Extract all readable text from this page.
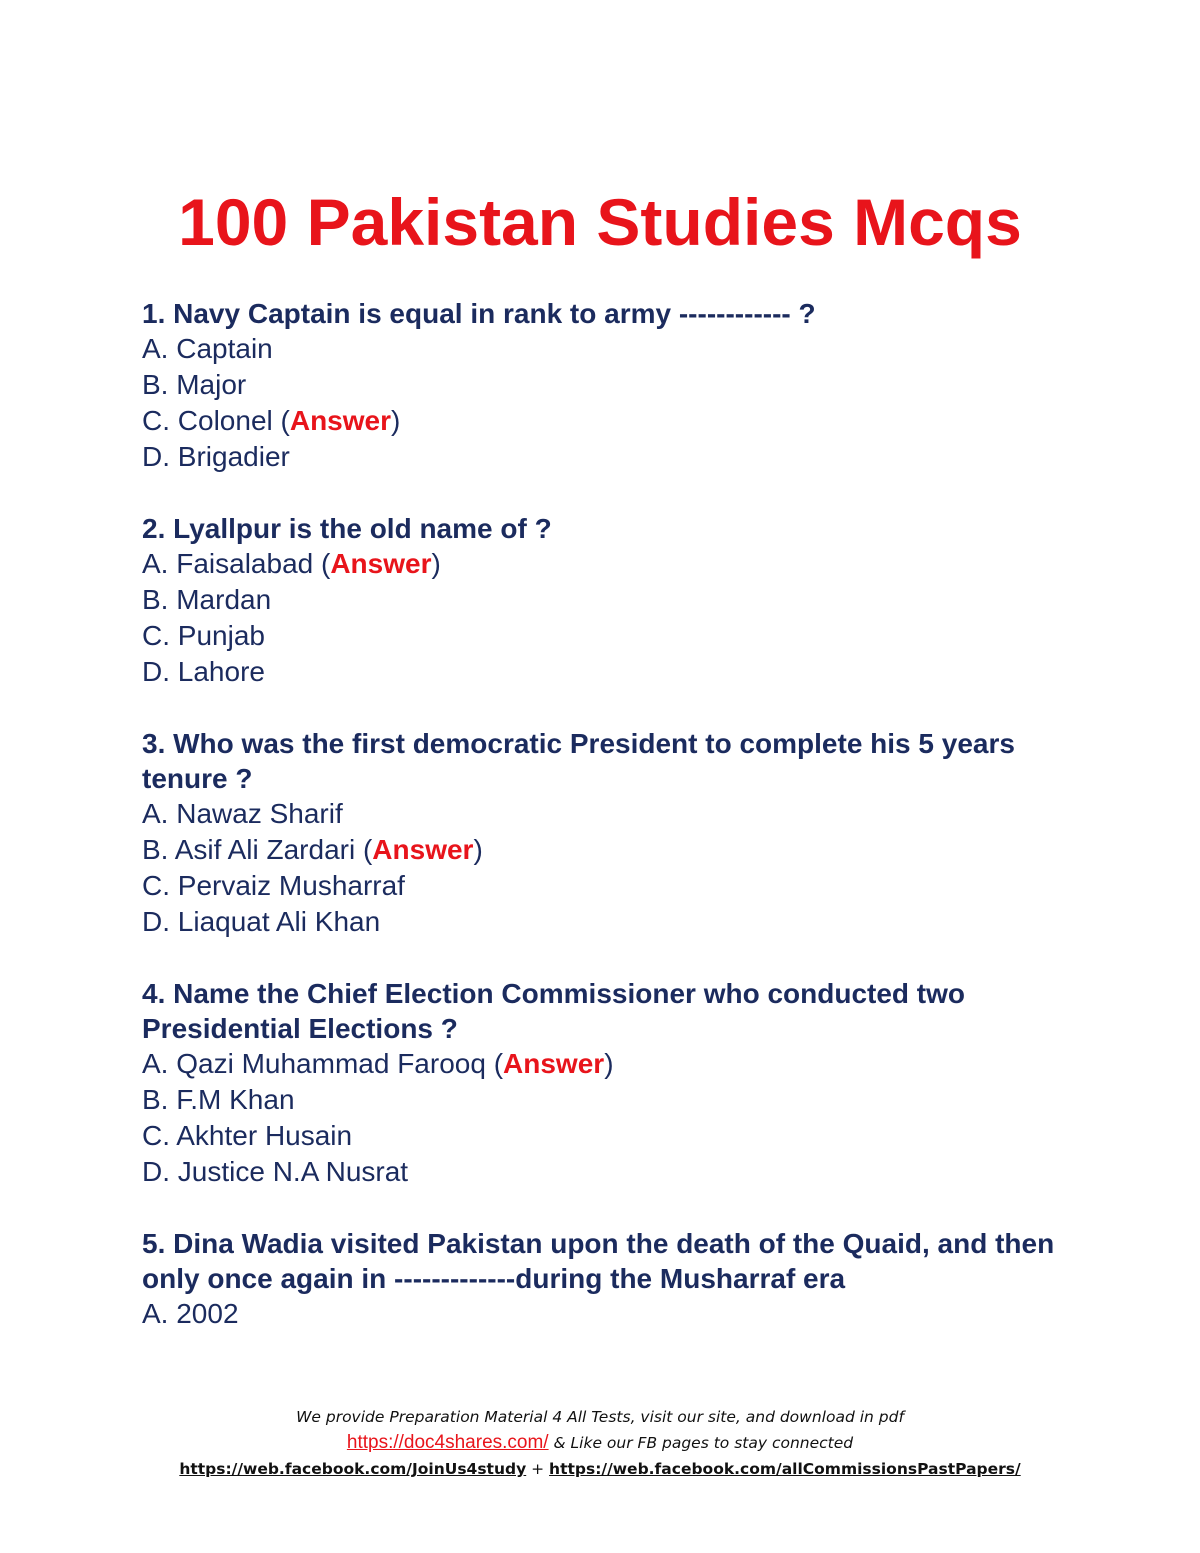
100 Pakistan Studies Mcqs

1. Navy Captain is equal in rank to army ------------ ?

A. Captain

B. Major

C. Colonel (Answer)

D. Brigadier

2. Lyallpur is the old name of ?

A. Faisalabad (Answer)

B. Mardan

C. Punjab

D. Lahore

3. Who was the first democratic President to complete his 5 years tenure ?

A. Nawaz Sharif

B. Asif Ali Zardari (Answer)

C. Pervaiz Musharraf

D. Liaquat Ali Khan

4. Name the Chief Election Commissioner who conducted two Presidential Elections ?

A. Qazi Muhammad Farooq (Answer)

B. F.M Khan

C. Akhter Husain

D. Justice N.A Nusrat

5. Dina Wadia visited Pakistan upon the death of the Quaid, and then only once again in -------------during the Musharraf era

A. 2002

We provide Preparation Material 4 All Tests, visit our site, and download in pdf

https://doc4shares.com/ & Like our FB pages to stay connected

https://web.facebook.com/JoinUs4study + https://web.facebook.com/allCommissionsPastPapers/
